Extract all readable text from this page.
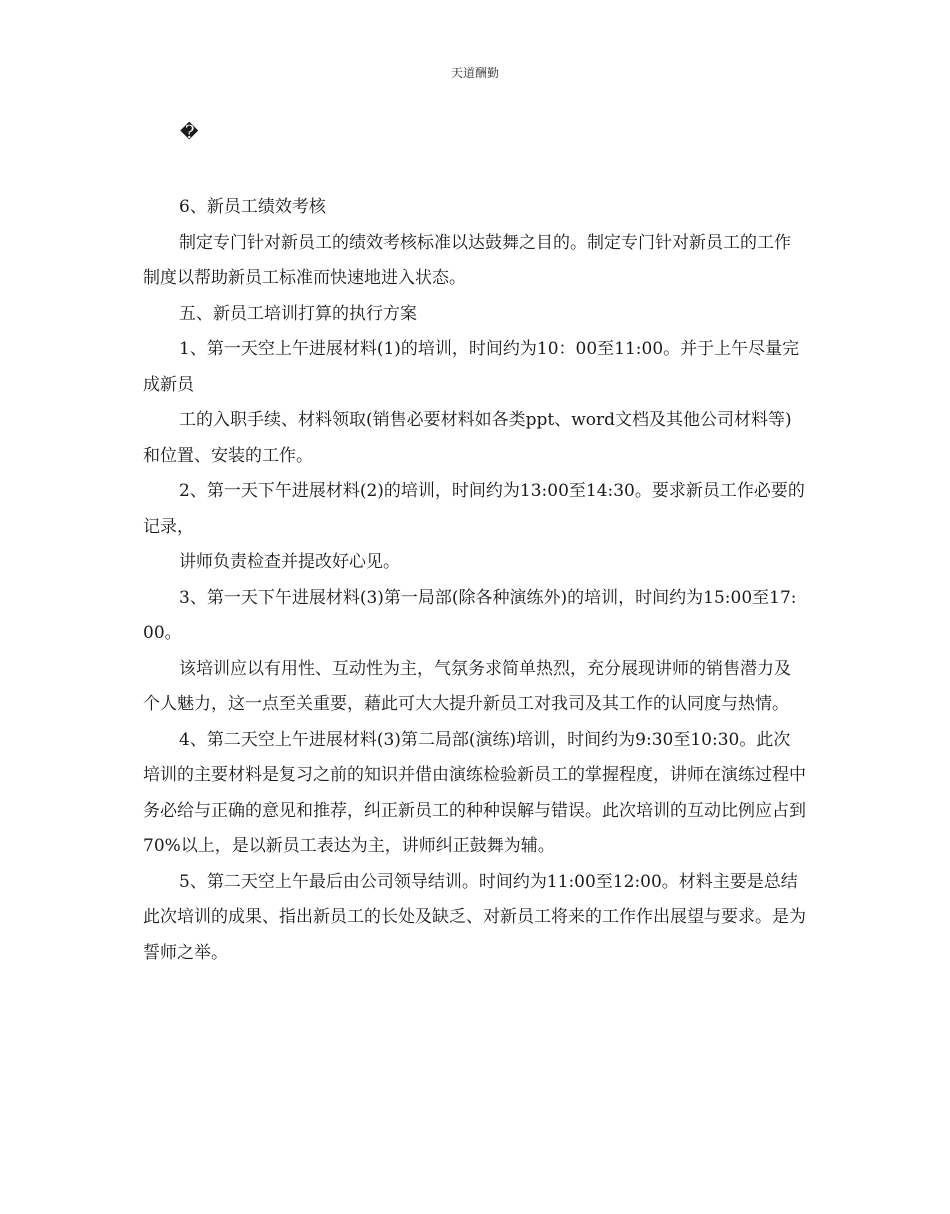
天道酬勤
�

6、新员工绩效考核

制定专门针对新员工的绩效考核标准以达鼓舞之目的。制定专门针对新员工的工作制度以帮助新员工标准而快速地进入状态。

五、新员工培训打算的执行方案

1、第一天空上午进展材料(1)的培训，时间约为10：00至11:00。并于上午尽量完成新员

工的入职手续、材料领取(销售必要材料如各类ppt、word文档及其他公司材料等)和位置、安装的工作。

2、第一天下午进展材料(2)的培训，时间约为13:00至14:30。要求新员工作必要的记录，

讲师负责检查并提改好心见。

3、第一天下午进展材料(3)第一局部(除各种演练外)的培训，时间约为15:00至17:00。

该培训应以有用性、互动性为主，气氛务求简单热烈，充分展现讲师的销售潜力及个人魅力，这一点至关重要，藉此可大大提升新员工对我司及其工作的认同度与热情。

4、第二天空上午进展材料(3)第二局部(演练)培训，时间约为9:30至10:30。此次培训的主要材料是复习之前的知识并借由演练检验新员工的掌握程度，讲师在演练过程中务必给与正确的意见和推荐，纠正新员工的种种误解与错误。此次培训的互动比例应占到70%以上，是以新员工表达为主，讲师纠正鼓舞为辅。

5、第二天空上午最后由公司领导结训。时间约为11:00至12:00。材料主要是总结此次培训的成果、指出新员工的长处及缺乏、对新员工将来的工作作出展望与要求。是为誓师之举。
